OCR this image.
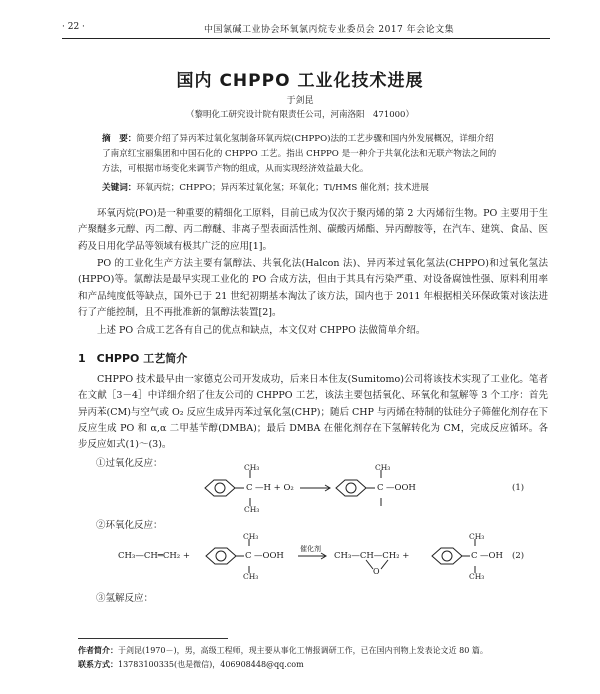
· 22 ·	中国氯碱工业协会环氧氯丙烷专业委员会 2017 年会论文集
国内 CHPPO 工业化技术进展
于剑昆
（黎明化工研究设计院有限责任公司，河南洛阳　471000）
摘　要：简要介绍了异丙苯过氧化氢制备环氧丙烷(CHPPO)法的工艺步骤和国内外发展概况，详细介绍了南京红宝丽集团和中国石化的 CHPPO 工艺。指出 CHPPO 是一种介于共氧化法和无联产物法之间的方法，可根据市场变化来调节产物的组成，从而实现经济效益最大化。
关键词：环氧丙烷；CHPPO；异丙苯过氧化氢；环氧化；Ti/HMS 催化剂；技术进展
环氧丙烷(PO)是一种重要的精细化工原料，目前已成为仅次于聚丙烯的第 2 大丙烯衍生物。PO 主要用于生产聚醚多元醇、丙二醇、丙二醇醚、非离子型表面活性剂、碳酸丙烯酯、异丙醇胺等，在汽车、建筑、食品、医药及日用化学品等领域有极其广泛的应用[1]。
PO 的工业化生产方法主要有氯醇法、共氧化法(Halcon 法)、异丙苯过氧化氢法(CHPPO)和过氧化氢法(HPPO)等。氯醇法是最早实现工业化的 PO 合成方法，但由于其具有污染严重、对设备腐蚀性强、原料利用率和产品纯度低等缺点，国外已于 21 世纪初期基本淘汰了该方法，国内也于 2011 年根据相关环保政策对该法进行了产能控制，且不再批准新的氯醇法装置[2]。
上述 PO 合成工艺各有自己的优点和缺点，本文仅对 CHPPO 法做简单介绍。
1　CHPPO 工艺简介
CHPPO 技术最早由一家德克公司开发成功，后来日本住友(Sumitomo)公司将该技术实现了工业化。笔者在文献［3－4］中详细介绍了住友公司的 CHPPO 工艺，该法主要包括氧化、环氧化和氢解等 3 个工序：首先异丙苯(CM)与空气或 O₂ 反应生成异丙苯过氧化氢(CHP)；随后 CHP 与丙烯在特制的钛硅分子筛催化剂存在下反应生成 PO 和 α,α 二甲基苄醇(DMBA)；最后 DMBA 在催化剂存在下氢解转化为 CM，完成反应循环。各步反应如式(1)～(3)。
①过氧化反应：	CH₃
C —H + O₂
CH₃
CH₃
C —OOH	(1)
②环氧化反应：
CH₃—CH═CH₂ +
CH₃
C —OOH
CH₃
催化剂
CH₃—CH—CH₂ +
O
CH₃
C —OH
CH₃
(2)
③氢解反应：
作者简介：于剑昆(1970－)，男，高级工程师，现主要从事化工情报调研工作，已在国内刊物上发表论文近 80 篇。
联系方式：13783100335(也是微信)，406908448@qq.com
